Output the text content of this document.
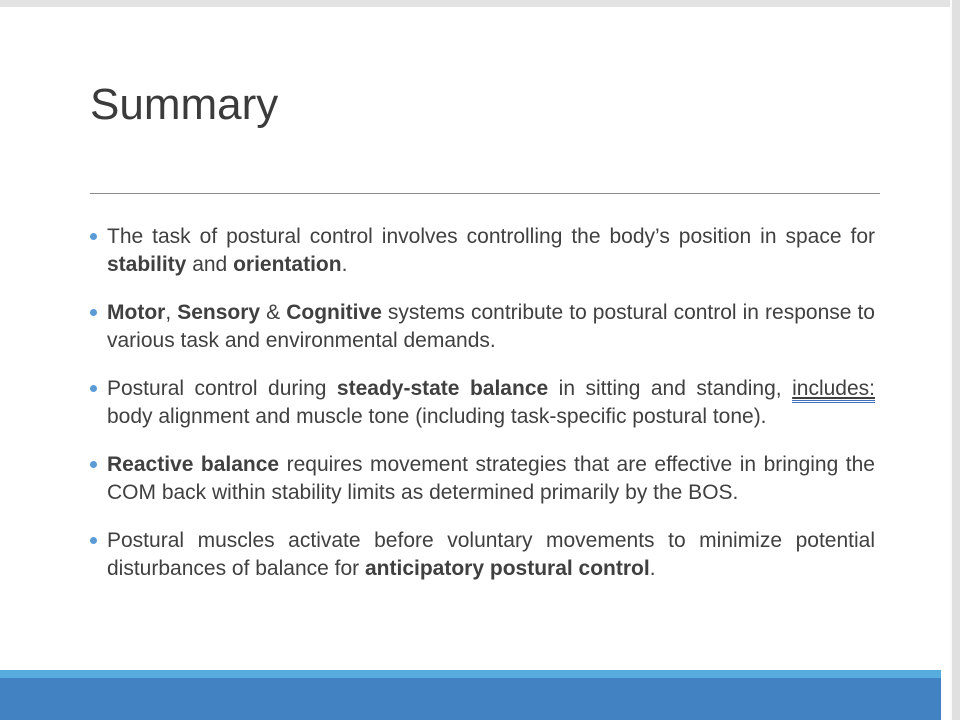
Summary
The task of postural control involves controlling the body’s position in space for stability and orientation.
Motor, Sensory & Cognitive systems contribute to postural control in response to various task and environmental demands.
Postural control during steady-state balance in sitting and standing, includes: body alignment and muscle tone (including task-specific postural tone).
Reactive balance requires movement strategies that are effective in bringing the COM back within stability limits as determined primarily by the BOS.
Postural muscles activate before voluntary movements to minimize potential disturbances of balance for anticipatory postural control.
